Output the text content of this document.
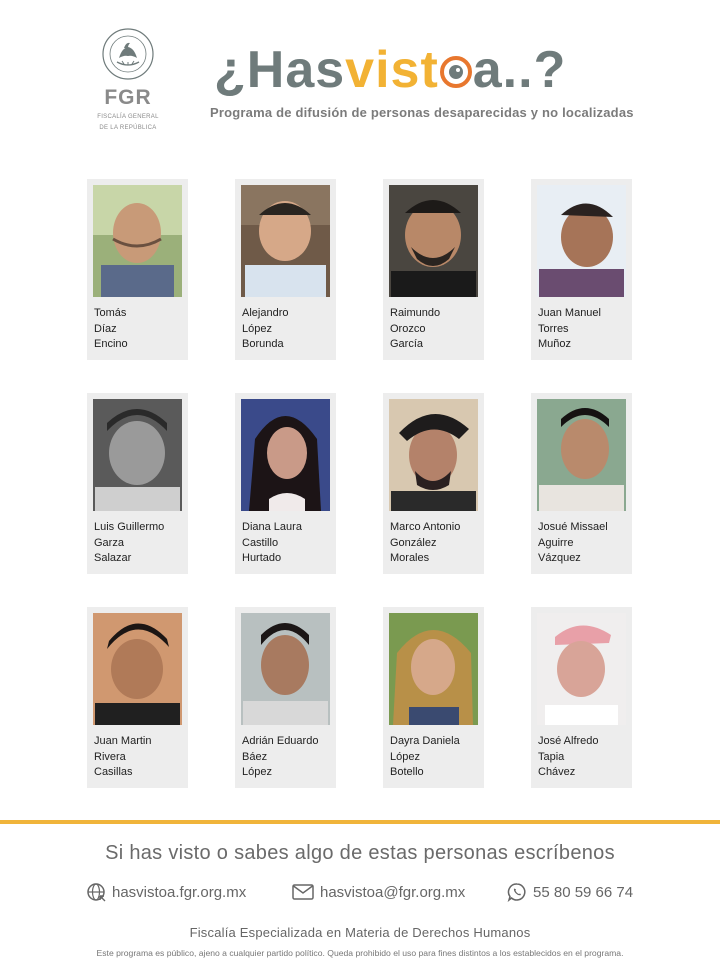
FGR
FISCALÍA GENERAL
DE LA REPÚBLICA
¿Hasvist a..?
Programa de difusión de personas desaparecidas y no localizadas
Tomás
Díaz
Encino
Alejandro
López
Borunda
Raimundo
Orozco
García
Juan Manuel
Torres
Muñoz
Luis Guillermo
Garza
Salazar
Diana Laura
Castillo
Hurtado
Marco Antonio
González
Morales
Josué Missael
Aguirre
Vázquez
Juan Martin
Rivera
Casillas
Adrián Eduardo
Báez
López
Dayra Daniela
López
Botello
José Alfredo
Tapia
Chávez
Si has visto o sabes algo de estas personas escríbenos
hasvistoa.fgr.org.mx	hasvistoa@fgr.org.mx	55 80 59 66 74
Fiscalía Especializada en Materia de Derechos Humanos
Este programa es público, ajeno a cualquier partido político. Queda prohibido el uso para fines distintos a los establecidos en el programa.
